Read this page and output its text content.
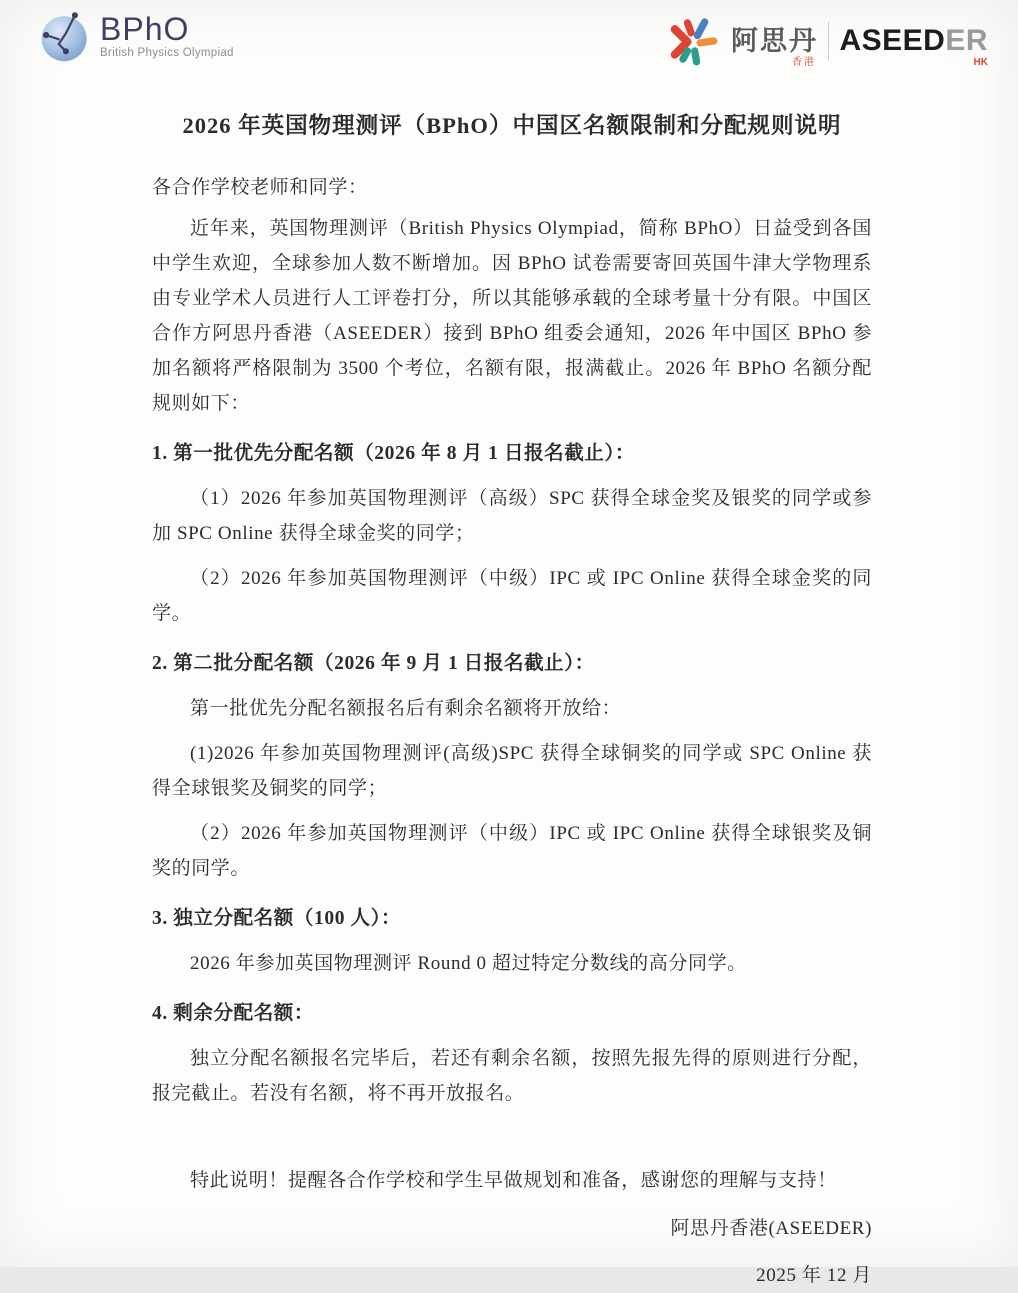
BPhO
British Physics Olympiad	阿思丹
香港
ASEEDER
HK
2026 年英国物理测评（BPhO）中国区名额限制和分配规则说明

各合作学校老师和同学：

近年来，英国物理测评（British Physics Olympiad，简称 BPhO）日益受到各国中学生欢迎，全球参加人数不断增加。因 BPhO 试卷需要寄回英国牛津大学物理系由专业学术人员进行人工评卷打分，所以其能够承载的全球考量十分有限。中国区合作方阿思丹香港（ASEEDER）接到 BPhO 组委会通知，2026 年中国区 BPhO 参加名额将严格限制为 3500 个考位，名额有限，报满截止。2026 年 BPhO 名额分配规则如下：

1. 第一批优先分配名额（2026 年 8 月 1 日报名截止）：

（1）2026 年参加英国物理测评（高级）SPC 获得全球金奖及银奖的同学或参加 SPC Online 获得全球金奖的同学；

（2）2026 年参加英国物理测评（中级）IPC 或 IPC Online 获得全球金奖的同学。

2. 第二批分配名额（2026 年 9 月 1 日报名截止）：

第一批优先分配名额报名后有剩余名额将开放给：

(1)2026 年参加英国物理测评(高级)SPC 获得全球铜奖的同学或 SPC Online 获得全球银奖及铜奖的同学；

（2）2026 年参加英国物理测评（中级）IPC 或 IPC Online 获得全球银奖及铜奖的同学。

3. 独立分配名额（100 人）：

2026 年参加英国物理测评 Round 0 超过特定分数线的高分同学。

4. 剩余分配名额：

独立分配名额报名完毕后，若还有剩余名额，按照先报先得的原则进行分配，报完截止。若没有名额，将不再开放报名。

特此说明！提醒各合作学校和学生早做规划和准备，感谢您的理解与支持！

阿思丹香港(ASEEDER)

2025 年 12 月
